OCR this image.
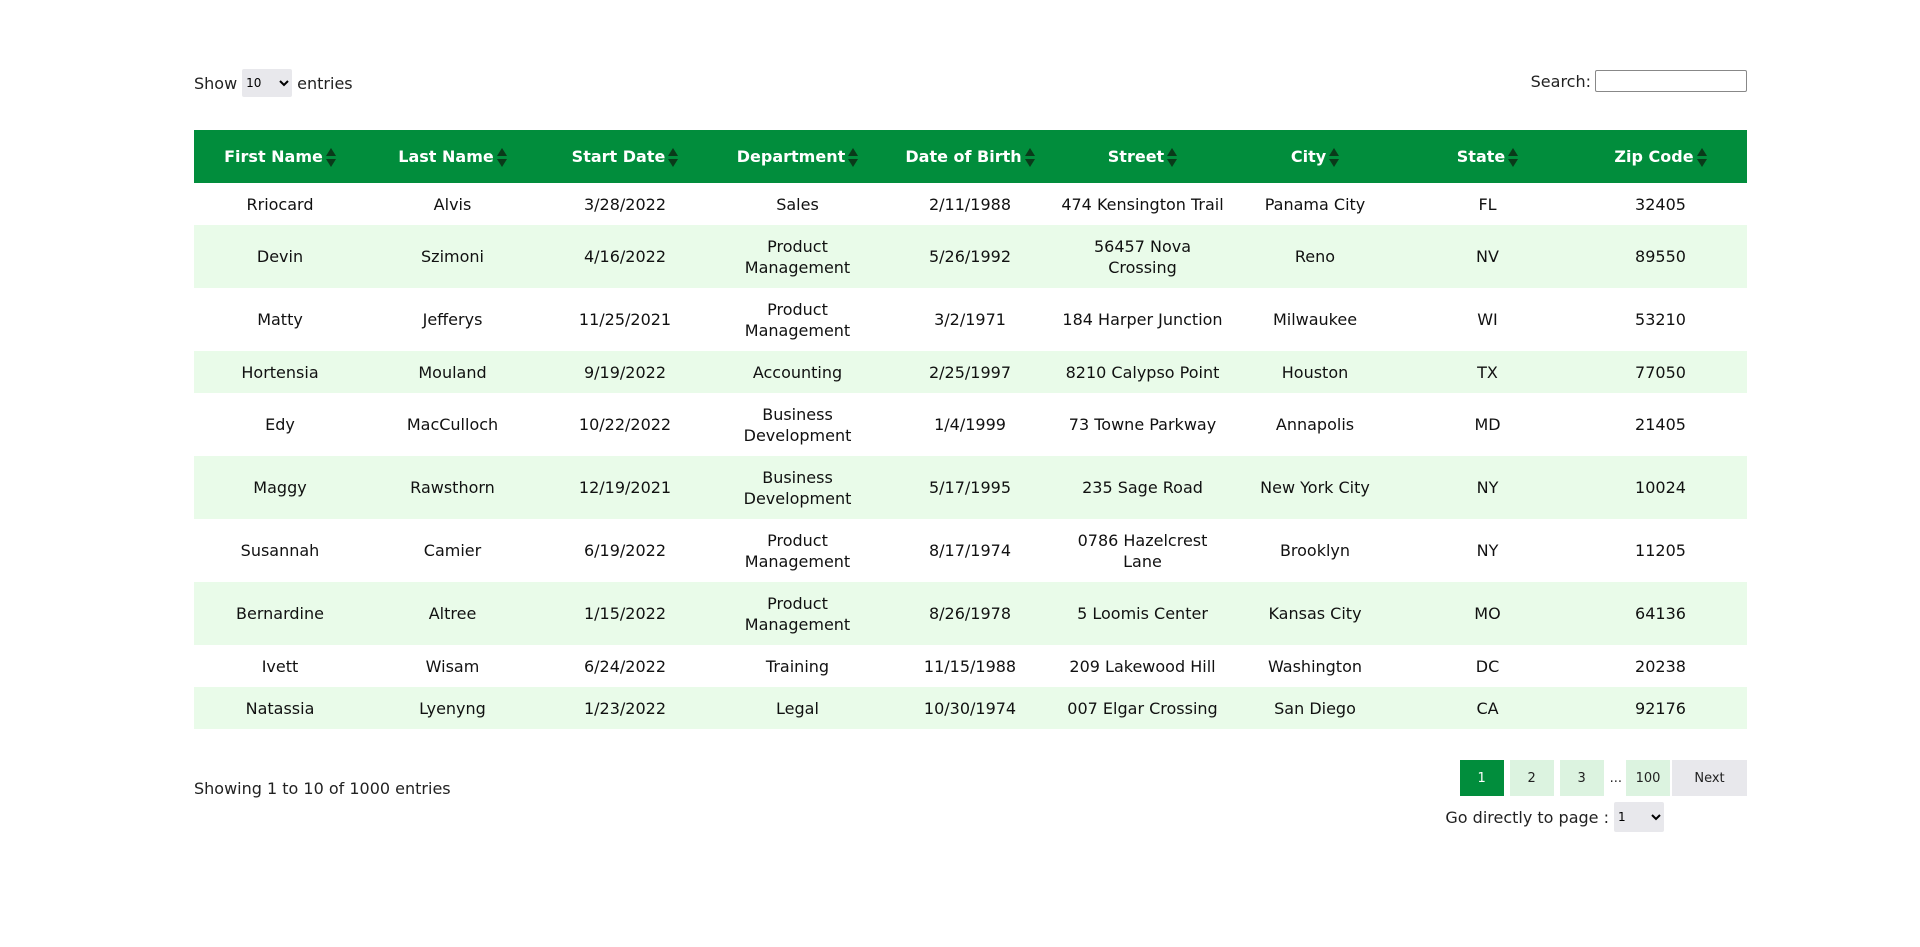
Show
10	entries	Search:
First Name	Last Name	Start Date	Department	Date of Birth	Street	City	State	Zip Code

Rriocard	Alvis	3/28/2022	Sales	2/11/1988	474 Kensington Trail	Panama City	FL	32405
Devin	Szimoni	4/16/2022	Product Management	5/26/1992	56457 Nova Crossing	Reno	NV	89550
Matty	Jefferys	11/25/2021	Product Management	3/2/1971	184 Harper Junction	Milwaukee	WI	53210
Hortensia	Mouland	9/19/2022	Accounting	2/25/1997	8210 Calypso Point	Houston	TX	77050
Edy	MacCulloch	10/22/2022	Business Development	1/4/1999	73 Towne Parkway	Annapolis	MD	21405
Maggy	Rawsthorn	12/19/2021	Business Development	5/17/1995	235 Sage Road	New York City	NY	10024
Susannah	Camier	6/19/2022	Product Management	8/17/1974	0786 Hazelcrest Lane	Brooklyn	NY	11205
Bernardine	Altree	1/15/2022	Product Management	8/26/1978	5 Loomis Center	Kansas City	MO	64136
Ivett	Wisam	6/24/2022	Training	11/15/1988	209 Lakewood Hill	Washington	DC	20238
Natassia	Lyenyng	1/23/2022	Legal	10/30/1974	007 Elgar Crossing	San Diego	CA	92176
Showing 1 to 10 of 1000 entries
1	2	3	...	100	Next
Go directly to page :
1
